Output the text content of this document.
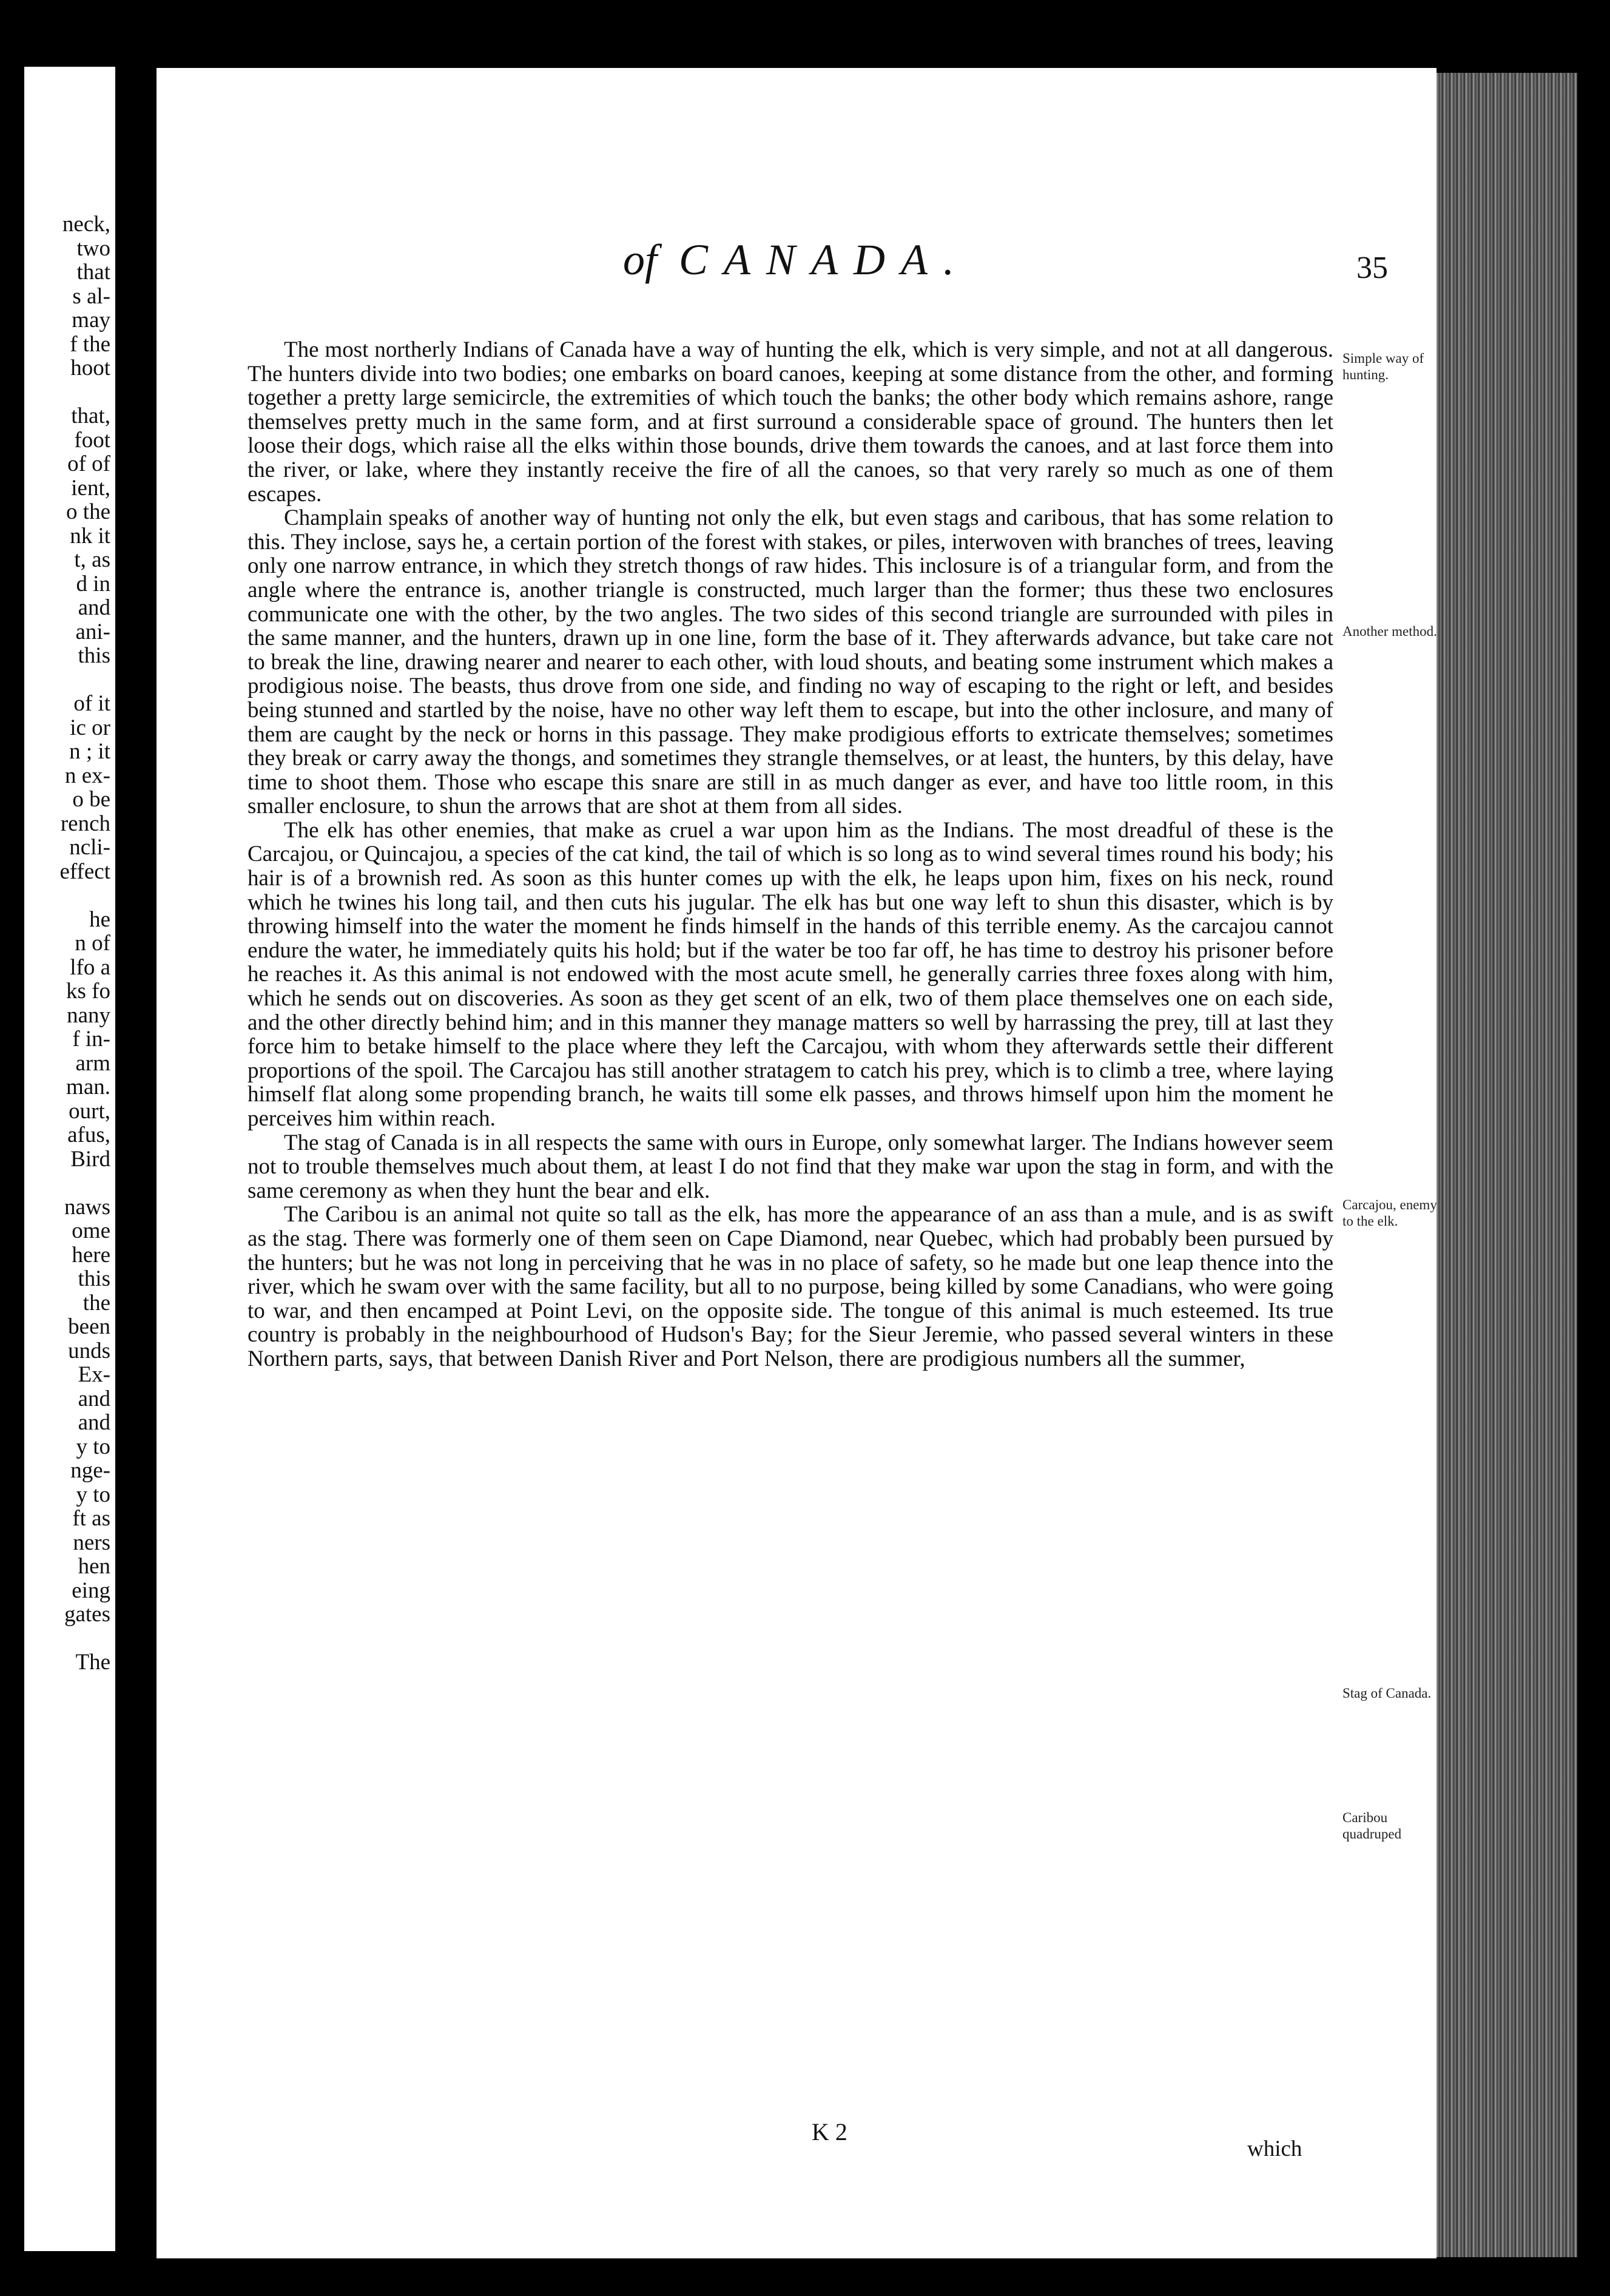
neck,
two
that
s al-
may
f the
hoot
that,
foot
of of
ient,
o the
nk it
t, as
d in
and
ani-
this
of it
ic or
n ; it
n ex-
o be
rench
ncli-
effect
he
n of
lfo a
ks fo
nany
f in-
arm
man.
ourt,
afus,
Bird
naws
ome
here
this
the
been
unds
Ex-
and
and
y to
nge-
y to
ft as
ners
hen
eing
gates
The
of CANADA.	35

The most northerly Indians of Canada have a way of hunting the elk, which is very simple, and not at all dangerous. The hunters divide into two bodies; one embarks on board canoes, keeping at some distance from the other, and forming together a pretty large semicircle, the extremities of which touch the banks; the other body which remains ashore, range themselves pretty much in the same form, and at first surround a considerable space of ground. The hunters then let loose their dogs, which raise all the elks within those bounds, drive them towards the canoes, and at last force them into the river, or lake, where they instantly receive the fire of all the canoes, so that very rarely so much as one of them escapes.

Champlain speaks of another way of hunting not only the elk, but even stags and caribous, that has some relation to this. They inclose, says he, a certain portion of the forest with stakes, or piles, interwoven with branches of trees, leaving only one narrow entrance, in which they stretch thongs of raw hides. This inclosure is of a triangular form, and from the angle where the entrance is, another triangle is constructed, much larger than the former; thus these two enclosures communicate one with the other, by the two angles. The two sides of this second triangle are surrounded with piles in the same manner, and the hunters, drawn up in one line, form the base of it. They afterwards advance, but take care not to break the line, drawing nearer and nearer to each other, with loud shouts, and beating some instrument which makes a prodigious noise. The beasts, thus drove from one side, and finding no way of escaping to the right or left, and besides being stunned and startled by the noise, have no other way left them to escape, but into the other inclosure, and many of them are caught by the neck or horns in this passage. They make prodigious efforts to extricate themselves; sometimes they break or carry away the thongs, and sometimes they strangle themselves, or at least, the hunters, by this delay, have time to shoot them. Those who escape this snare are still in as much danger as ever, and have too little room, in this smaller enclosure, to shun the arrows that are shot at them from all sides.

The elk has other enemies, that make as cruel a war upon him as the Indians. The most dreadful of these is the Carcajou, or Quincajou, a species of the cat kind, the tail of which is so long as to wind several times round his body; his hair is of a brownish red. As soon as this hunter comes up with the elk, he leaps upon him, fixes on his neck, round which he twines his long tail, and then cuts his jugular. The elk has but one way left to shun this disaster, which is by throwing himself into the water the moment he finds himself in the hands of this terrible enemy. As the carcajou cannot endure the water, he immediately quits his hold; but if the water be too far off, he has time to destroy his prisoner before he reaches it. As this animal is not endowed with the most acute smell, he generally carries three foxes along with him, which he sends out on discoveries. As soon as they get scent of an elk, two of them place themselves one on each side, and the other directly behind him; and in this manner they manage matters so well by harrassing the prey, till at last they force him to betake himself to the place where they left the Carcajou, with whom they afterwards settle their different proportions of the spoil. The Carcajou has still another stratagem to catch his prey, which is to climb a tree, where laying himself flat along some propending branch, he waits till some elk passes, and throws himself upon him the moment he perceives him within reach.

The stag of Canada is in all respects the same with ours in Europe, only somewhat larger. The Indians however seem not to trouble themselves much about them, at least I do not find that they make war upon the stag in form, and with the same ceremony as when they hunt the bear and elk.

The Caribou is an animal not quite so tall as the elk, has more the appearance of an ass than a mule, and is as swift as the stag. There was formerly one of them seen on Cape Diamond, near Quebec, which had probably been pursued by the hunters; but he was not long in perceiving that he was in no place of safety, so he made but one leap thence into the river, which he swam over with the same facility, but all to no purpose, being killed by some Canadians, who were going to war, and then encamped at Point Levi, on the opposite side. The tongue of this animal is much esteemed. Its true country is probably in the neighbourhood of Hudson's Bay; for the Sieur Jeremie, who passed several winters in these Northern parts, says, that between Danish River and Port Nelson, there are prodigious numbers all the summer,

Simple way of hunting.
Another method.
Carcajou, enemy to the elk.
Stag of Canada.
Caribou quadruped
K 2
which
